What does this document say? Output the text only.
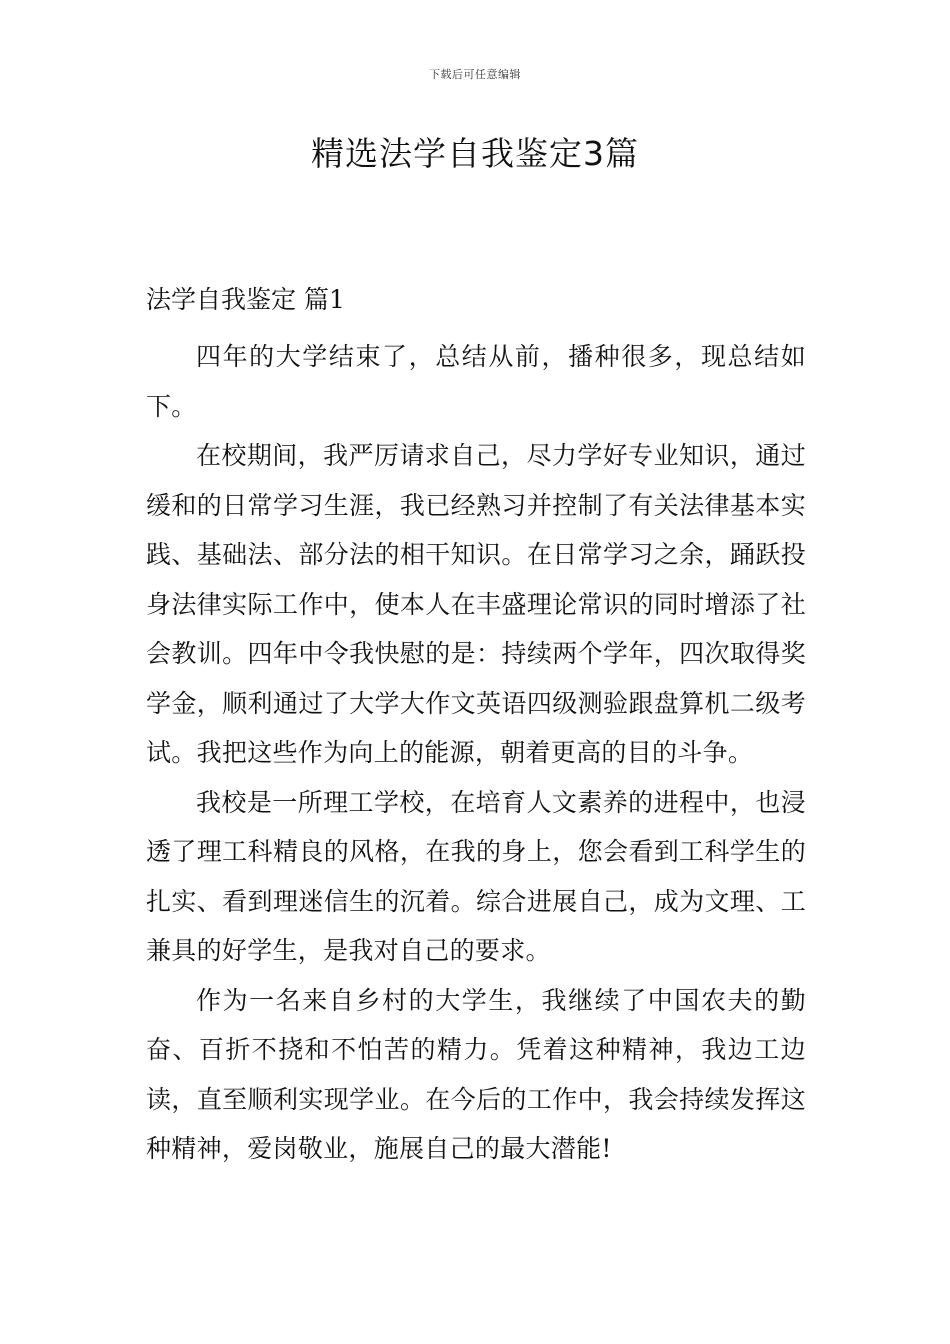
下载后可任意编辑
精选法学自我鉴定3篇
法学自我鉴定 篇1

四年的大学结束了，总结从前，播种很多，现总结如下。

在校期间，我严厉请求自己，尽力学好专业知识，通过缓和的日常学习生涯，我已经熟习并控制了有关法律基本实践、基础法、部分法的相干知识。在日常学习之余，踊跃投身法律实际工作中，使本人在丰盛理论常识的同时增添了社会教训。四年中令我快慰的是：持续两个学年，四次取得奖学金，顺利通过了大学大作文英语四级测验跟盘算机二级考试。我把这些作为向上的能源，朝着更高的目的斗争。

我校是一所理工学校，在培育人文素养的进程中，也浸透了理工科精良的风格，在我的身上，您会看到工科学生的扎实、看到理迷信生的沉着。综合进展自己，成为文理、工兼具的好学生，是我对自己的要求。

作为一名来自乡村的大学生，我继续了中国农夫的勤奋、百折不挠和不怕苦的精力。凭着这种精神，我边工边读，直至顺利实现学业。在今后的工作中，我会持续发挥这种精神，爱岗敬业，施展自己的最大潜能!
